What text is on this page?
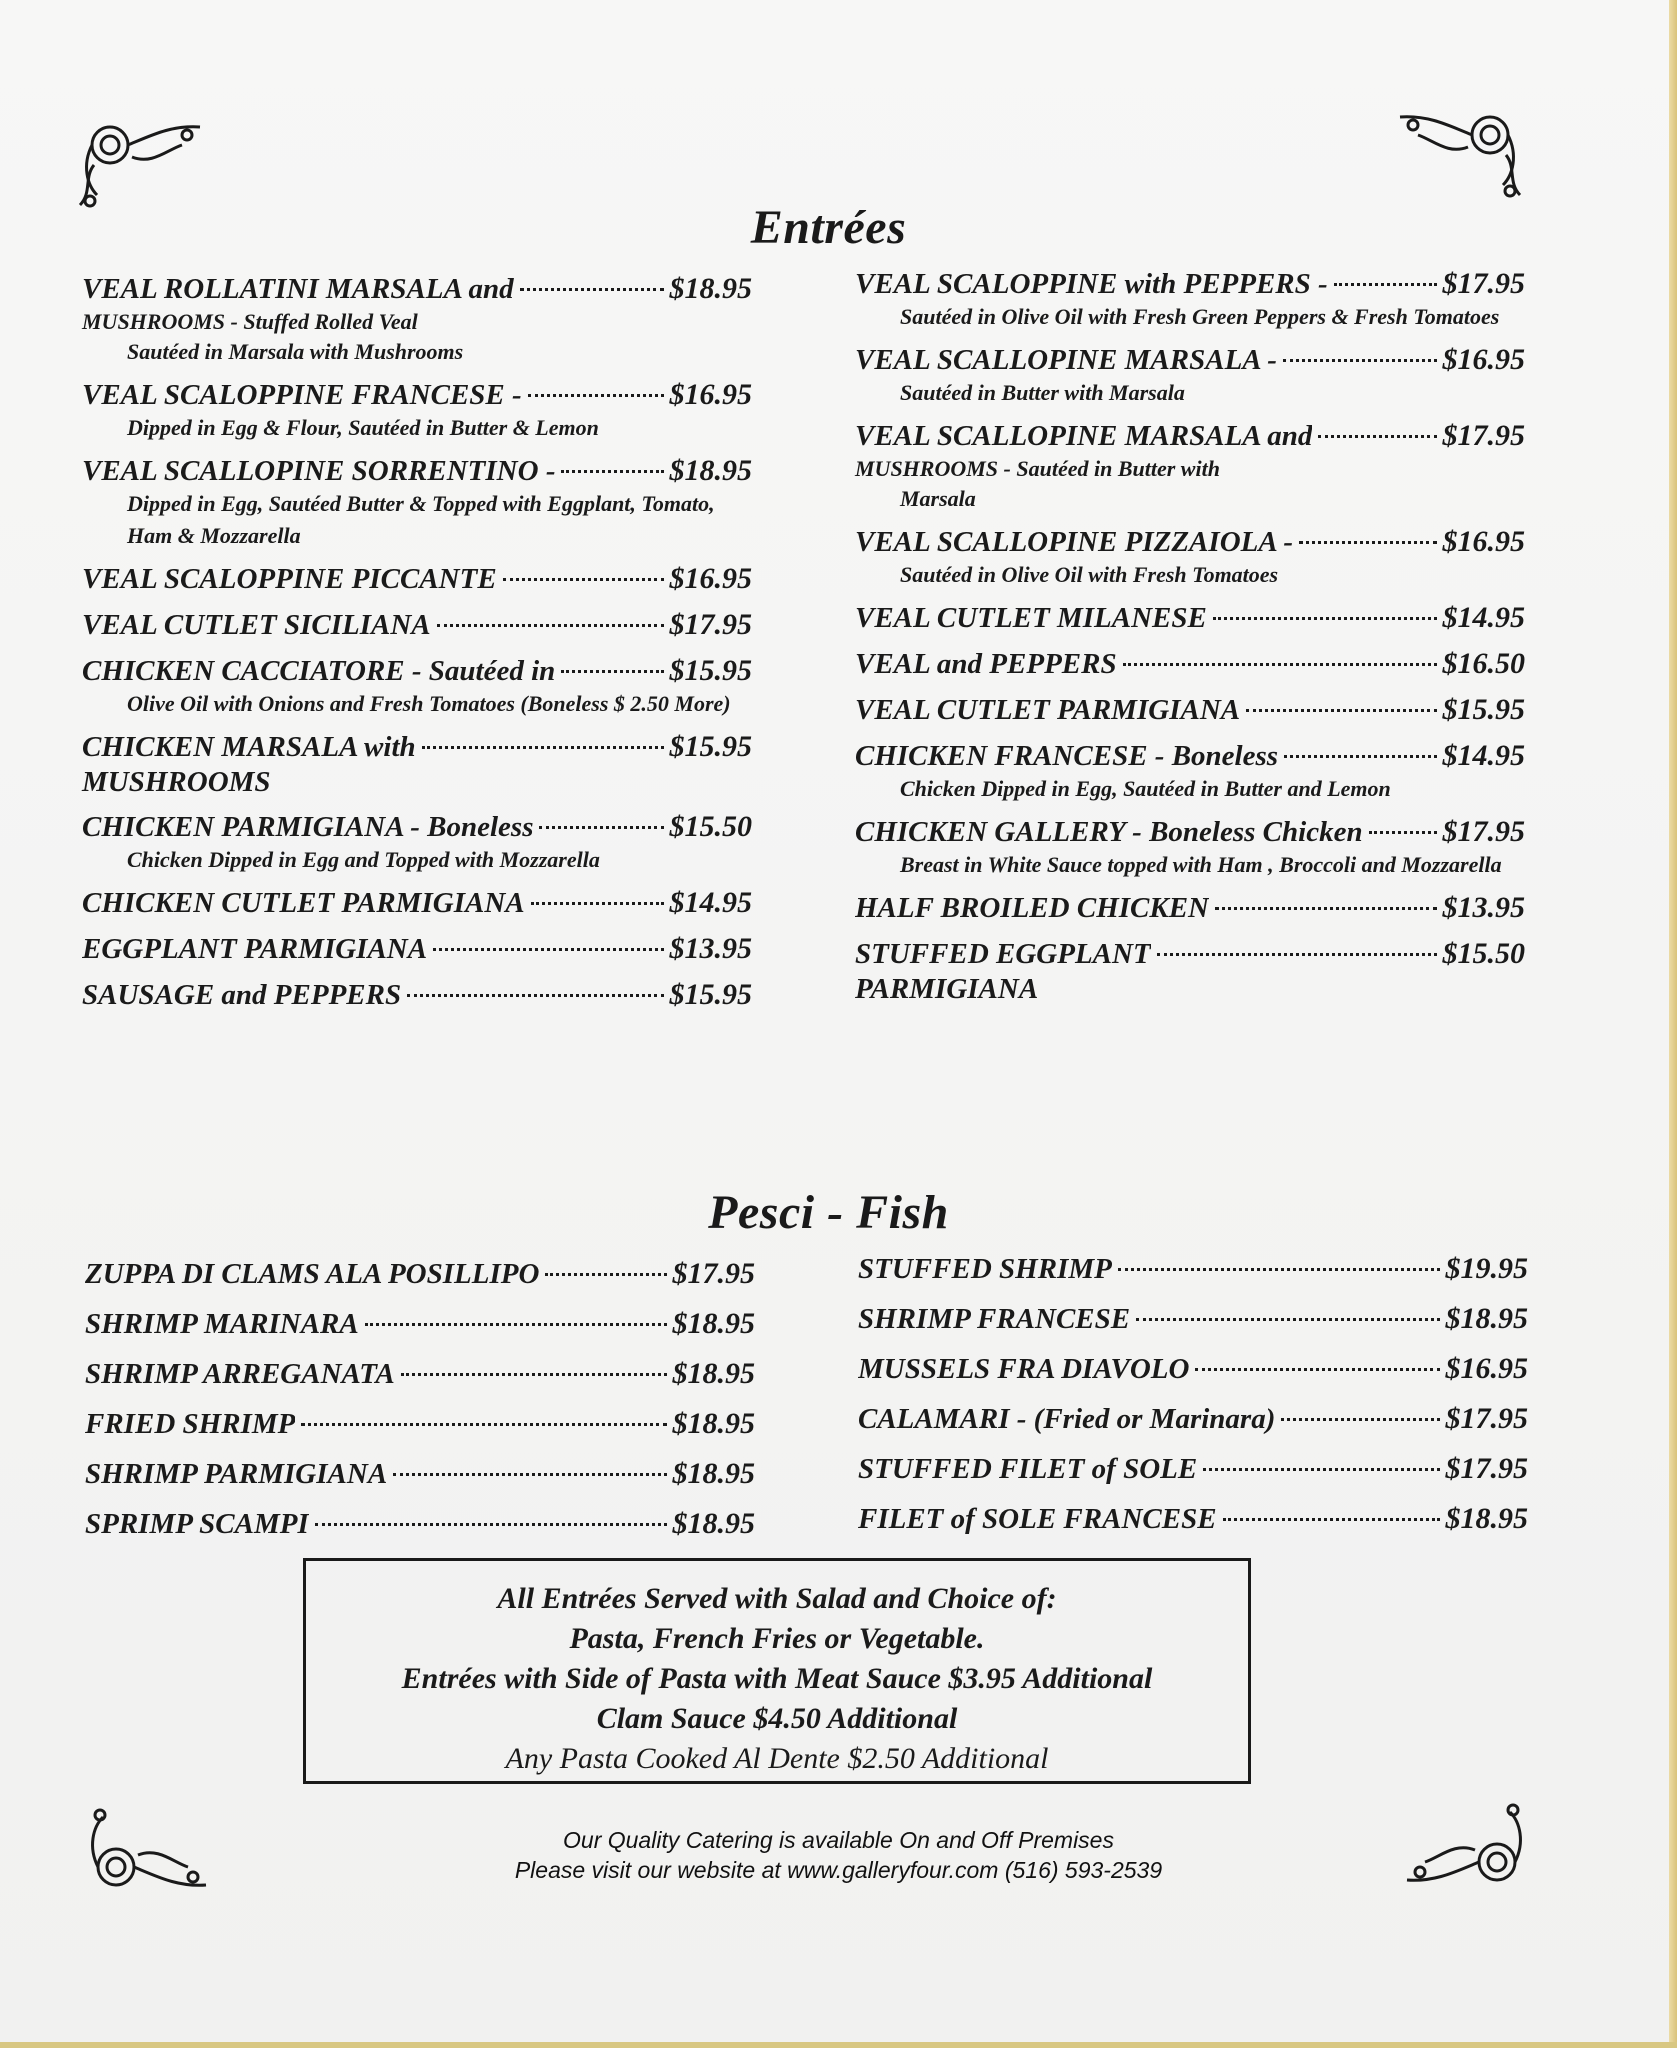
Entrées
Pesci - Fish
VEAL ROLLATINI MARSALA and	$18.95
MUSHROOMS - Stuffed Rolled Veal
Sautéed in Marsala with Mushrooms
VEAL SCALOPPINE FRANCESE -	$16.95
Dipped in Egg & Flour, Sautéed in Butter & Lemon
VEAL SCALLOPINE SORRENTINO -	$18.95
Dipped in Egg, Sautéed Butter & Topped with Eggplant, Tomato, Ham & Mozzarella
VEAL SCALOPPINE PICCANTE	$16.95
VEAL CUTLET SICILIANA	$17.95
CHICKEN CACCIATORE - Sautéed in	$15.95
Olive Oil with Onions and Fresh Tomatoes (Boneless $ 2.50 More)
CHICKEN MARSALA with	$15.95
MUSHROOMS
CHICKEN PARMIGIANA - Boneless	$15.50
Chicken Dipped in Egg and Topped with Mozzarella
CHICKEN CUTLET PARMIGIANA	$14.95
EGGPLANT PARMIGIANA	$13.95
SAUSAGE and PEPPERS	$15.95
VEAL SCALOPPINE with PEPPERS -	$17.95
Sautéed in Olive Oil with Fresh Green Peppers & Fresh Tomatoes
VEAL SCALLOPINE MARSALA -	$16.95
Sautéed in Butter with Marsala
VEAL SCALLOPINE MARSALA and	$17.95
MUSHROOMS - Sautéed in Butter with
Marsala
VEAL SCALLOPINE PIZZAIOLA -	$16.95
Sautéed in Olive Oil with Fresh Tomatoes
VEAL CUTLET MILANESE	$14.95
VEAL and PEPPERS	$16.50
VEAL CUTLET PARMIGIANA	$15.95
CHICKEN FRANCESE - Boneless	$14.95
Chicken Dipped in Egg, Sautéed in Butter and Lemon
CHICKEN GALLERY - Boneless Chicken	$17.95
Breast in White Sauce topped with Ham , Broccoli and Mozzarella
HALF BROILED CHICKEN	$13.95
STUFFED EGGPLANT	$15.50
PARMIGIANA
ZUPPA DI CLAMS ALA POSILLIPO	$17.95
SHRIMP MARINARA	$18.95
SHRIMP ARREGANATA	$18.95
FRIED SHRIMP	$18.95
SHRIMP PARMIGIANA	$18.95
SPRIMP SCAMPI	$18.95
STUFFED SHRIMP	$19.95
SHRIMP FRANCESE	$18.95
MUSSELS FRA DIAVOLO	$16.95
CALAMARI - (Fried or Marinara)	$17.95
STUFFED FILET of SOLE	$17.95
FILET of SOLE FRANCESE	$18.95
All Entrées Served with Salad and Choice of:
Pasta, French Fries or Vegetable.
Entrées with Side of Pasta with Meat Sauce $3.95 Additional
Clam Sauce $4.50 Additional
Any Pasta Cooked Al Dente $2.50 Additional
Our Quality Catering is available On and Off Premises
Please visit our website at www.galleryfour.com (516) 593-2539
